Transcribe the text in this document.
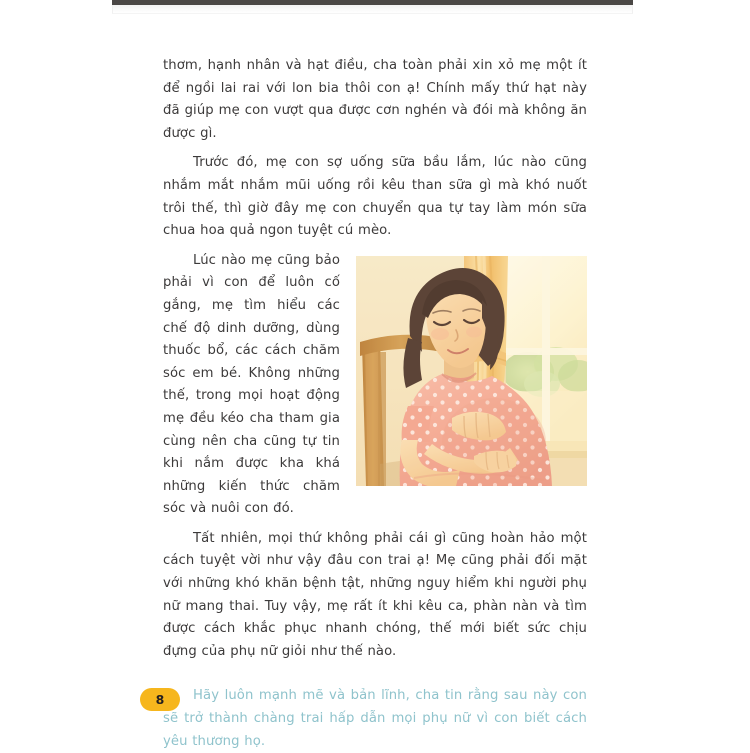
thơm, hạnh nhân và hạt điều, cha toàn phải xin xỏ mẹ một ít để ngồi lai rai với lon bia thôi con ạ! Chính mấy thứ hạt này đã giúp mẹ con vượt qua được cơn nghén và đói mà không ăn được gì.

Trước đó, mẹ con sợ uống sữa bầu lắm, lúc nào cũng nhắm mắt nhắm mũi uống rồi kêu than sữa gì mà khó nuốt trôi thế, thì giờ đây mẹ con chuyển qua tự tay làm món sữa chua hoa quả ngon tuyệt cú mèo.

Lúc nào mẹ cũng bảo phải vì con để luôn cố gắng, mẹ tìm hiểu các chế độ dinh dưỡng, dùng thuốc bổ, các cách chăm sóc em bé. Không những thế, trong mọi hoạt động mẹ đều kéo cha tham gia cùng nên cha cũng tự tin khi nắm được kha khá những kiến thức chăm sóc và nuôi con đó.

Tất nhiên, mọi thứ không phải cái gì cũng hoàn hảo một cách tuyệt vời như vậy đâu con trai ạ! Mẹ cũng phải đối mặt với những khó khăn bệnh tật, những nguy hiểm khi người phụ nữ mang thai. Tuy vậy, mẹ rất ít khi kêu ca, phàn nàn và tìm được cách khắc phục nhanh chóng, thế mới biết sức chịu đựng của phụ nữ giỏi như thế nào.

Hãy luôn mạnh mẽ và bản lĩnh, cha tin rằng sau này con sẽ trở thành chàng trai hấp dẫn mọi phụ nữ vì con biết cách yêu thương họ.

8
